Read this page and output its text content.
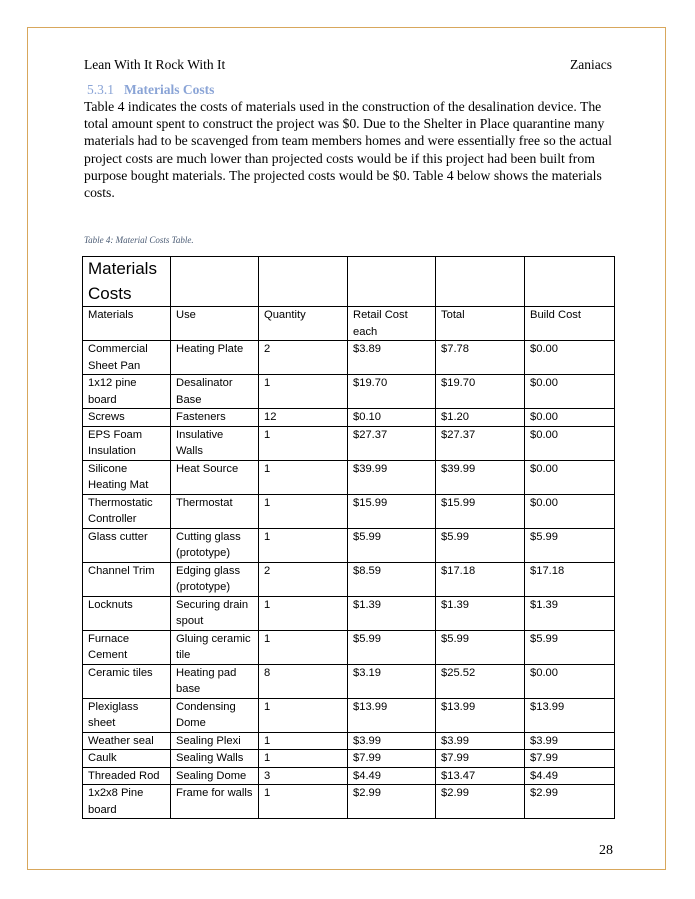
Lean With It Rock With It	Zaniacs
5.3.1 Materials Costs
Table 4 indicates the costs of materials used in the construction of the desalination device. The total amount spent to construct the project was $0. Due to the Shelter in Place quarantine many materials had to be scavenged from team members homes and were essentially free so the actual project costs are much lower than projected costs would be if this project had been built from purpose bought materials. The projected costs would be $0. Table 4 below shows the materials costs.
Table 4: Material Costs Table.
Materials Costs					
Materials	Use	Quantity	Retail Cost each	Total	Build Cost
Commercial Sheet Pan	Heating Plate	2	$3.89	$7.78	$0.00
1x12 pine board	Desalinator Base	1	$19.70	$19.70	$0.00
Screws	Fasteners	12	$0.10	$1.20	$0.00
EPS Foam Insulation	Insulative Walls	1	$27.37	$27.37	$0.00
Silicone Heating Mat	Heat Source	1	$39.99	$39.99	$0.00
Thermostatic Controller	Thermostat	1	$15.99	$15.99	$0.00
Glass cutter	Cutting glass (prototype)	1	$5.99	$5.99	$5.99
Channel Trim	Edging glass (prototype)	2	$8.59	$17.18	$17.18
Locknuts	Securing drain spout	1	$1.39	$1.39	$1.39
Furnace Cement	Gluing ceramic tile	1	$5.99	$5.99	$5.99
Ceramic tiles	Heating pad base	8	$3.19	$25.52	$0.00
Plexiglass sheet	Condensing Dome	1	$13.99	$13.99	$13.99
Weather seal	Sealing Plexi	1	$3.99	$3.99	$3.99
Caulk	Sealing Walls	1	$7.99	$7.99	$7.99
Threaded Rod	Sealing Dome	3	$4.49	$13.47	$4.49
1x2x8 Pine board	Frame for walls	1	$2.99	$2.99	$2.99
28
